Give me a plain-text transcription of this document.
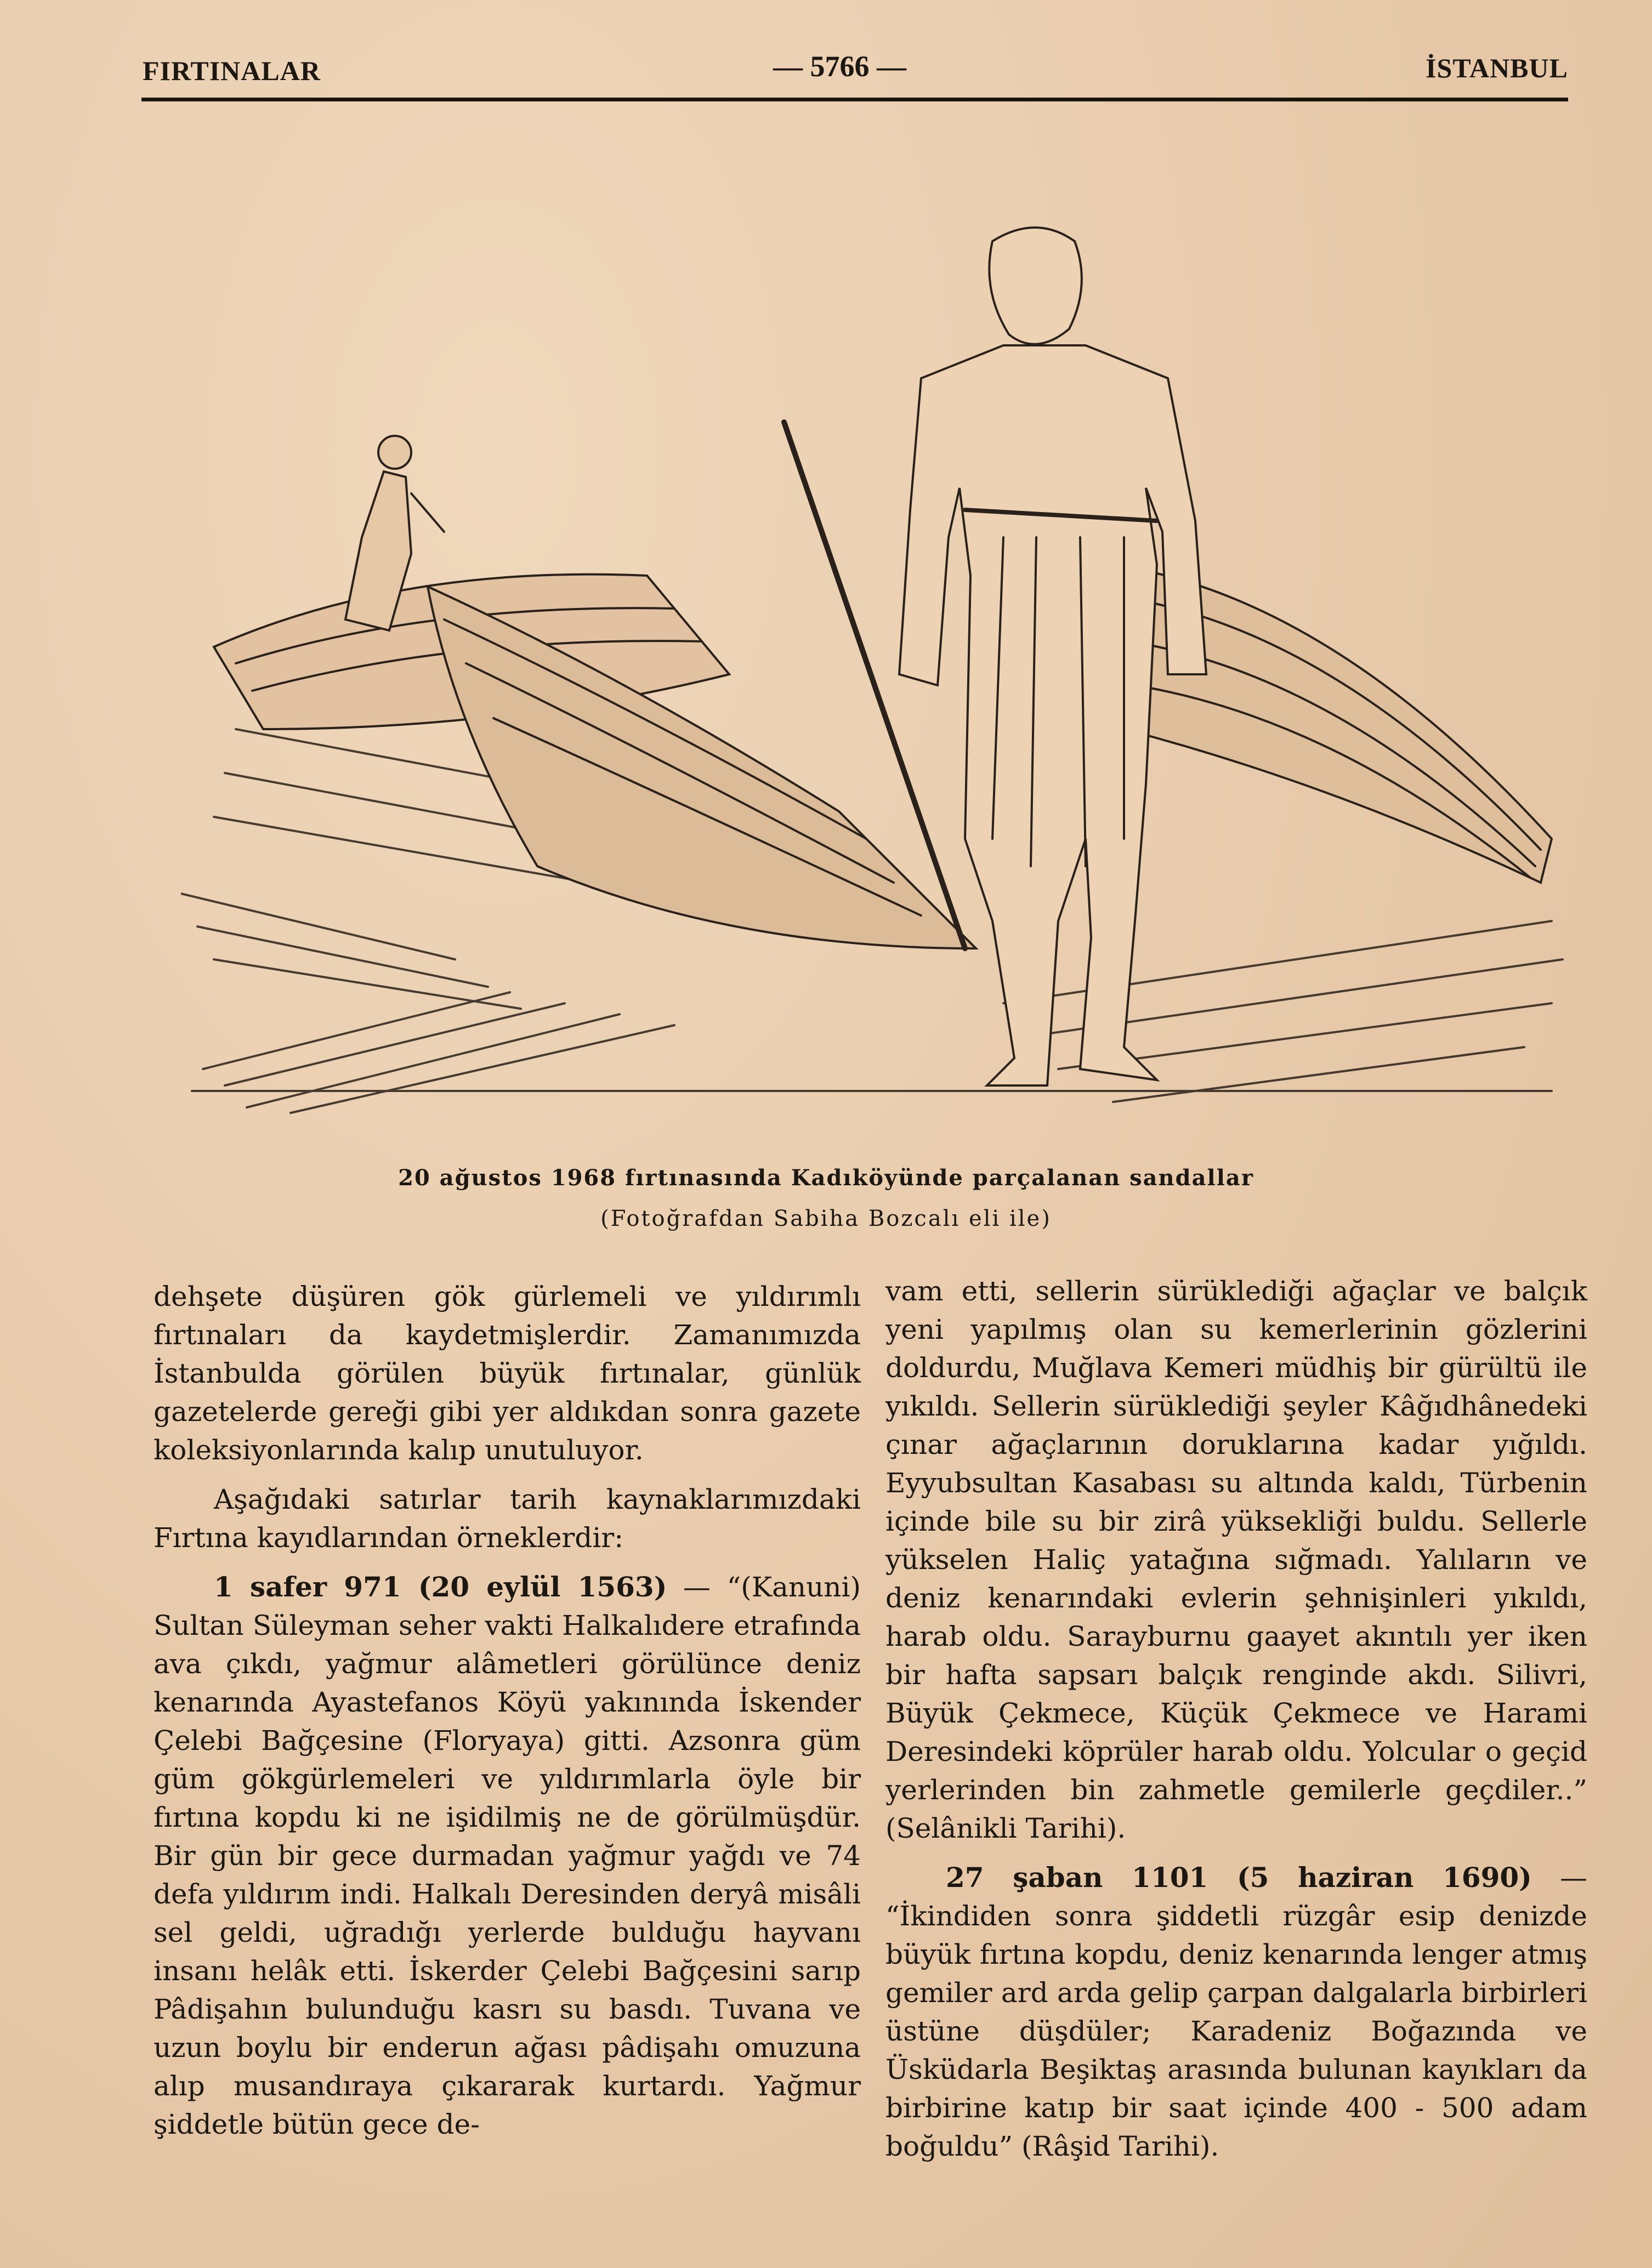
FIRTINALAR	— 5766 —	İSTANBUL
20 ağustos 1968 fırtınasında Kadıköyünde parçalanan sandallar
(Fotoğrafdan Sabiha Bozcalı eli ile)

dehşete düşüren gök gürlemeli ve yıldırımlı fırtınaları da kaydetmişlerdir. Zamanımızda İstanbulda görülen büyük fırtınalar, günlük gazetelerde gereği gibi yer aldıkdan sonra gazete koleksiyonlarında kalıp unutuluyor.

Aşağıdaki satırlar tarih kaynaklarımızdaki Fırtına kayıdlarından örneklerdir:

1 safer 971 (20 eylül 1563) — “(Kanuni) Sultan Süleyman seher vakti Halkalıdere etrafında ava çıkdı, yağmur alâmetleri görülünce deniz kenarında Ayastefanos Köyü yakınında İskender Çelebi Bağçesine (Floryaya) gitti. Azsonra güm güm gökgürlemeleri ve yıldırımlarla öyle bir fırtına kopdu ki ne işidilmiş ne de görülmüşdür. Bir gün bir gece durmadan yağmur yağdı ve 74 defa yıldırım indi. Halkalı Deresinden deryâ misâli sel geldi, uğradığı yerlerde bulduğu hayvanı insanı helâk etti. İskerder Çelebi Bağçesini sarıp Pâdişahın bulunduğu kasrı su basdı. Tuvana ve uzun boylu bir enderun ağası pâdişahı omuzuna alıp musandıraya çıkararak kurtardı. Yağmur şiddetle bütün gece de-

vam etti, sellerin sürüklediği ağaçlar ve balçık yeni yapılmış olan su kemerlerinin gözlerini doldurdu, Muğlava Kemeri müdhiş bir gürültü ile yıkıldı. Sellerin sürüklediği şeyler Kâğıdhânedeki çınar ağaçlarının doruklarına kadar yığıldı. Eyyubsultan Kasabası su altında kaldı, Türbenin içinde bile su bir zirâ yüksekliği buldu. Sellerle yükselen Haliç yatağına sığmadı. Yalıların ve deniz kenarındaki evlerin şehnişinleri yıkıldı, harab oldu. Sarayburnu gaayet akıntılı yer iken bir hafta sapsarı balçık renginde akdı. Silivri, Büyük Çekmece, Küçük Çekmece ve Harami Deresindeki köprüler harab oldu. Yolcular o geçid yerlerinden bin zahmetle gemilerle geçdiler..” (Selânikli Tarihi).

27 şaban 1101 (5 haziran 1690) — “İkindiden sonra şiddetli rüzgâr esip denizde büyük fırtına kopdu, deniz kenarında lenger atmış gemiler ard arda gelip çarpan dalgalarla birbirleri üstüne düşdüler; Karadeniz Boğazında ve Üsküdarla Beşiktaş arasında bulunan kayıkları da birbirine katıp bir saat içinde 400 - 500 adam boğuldu” (Râşid Tarihi).
